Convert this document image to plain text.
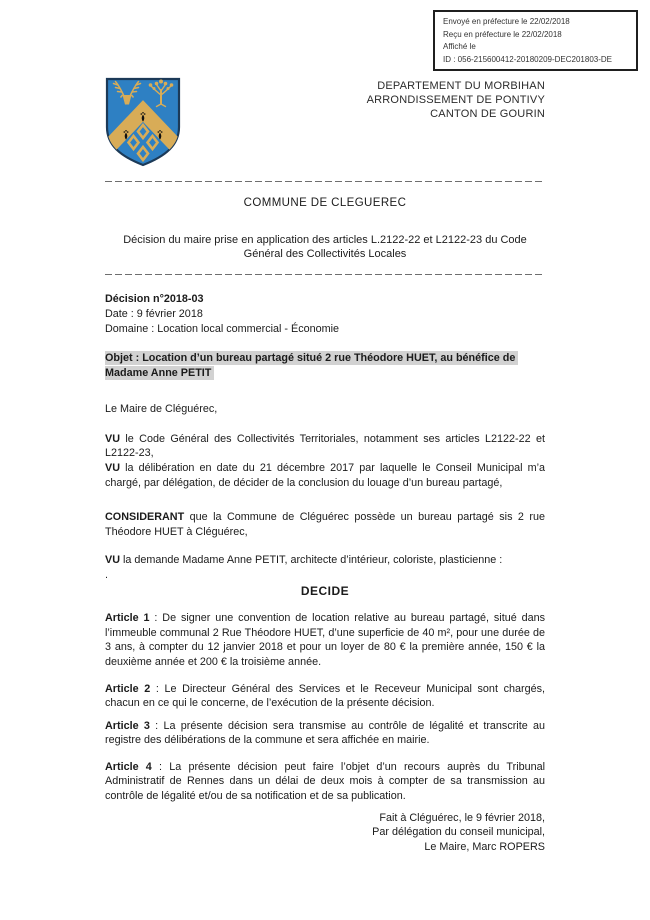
Envoyé en préfecture le 22/02/2018
Reçu en préfecture le 22/02/2018
Affiché le
ID : 056-215600412-20180209-DEC201803-DE
DEPARTEMENT DU MORBIHAN
ARRONDISSEMENT DE PONTIVY
CANTON DE GOURIN
COMMUNE DE CLEGUEREC
Décision du maire prise en application des articles L.2122-22 et L2122-23 du Code
Général des Collectivités Locales
Décision n°2018-03
Date : 9 février 2018
Domaine : Location local commercial - Économie
Objet : Location d’un bureau partagé situé 2 rue Théodore HUET, au bénéfice de
Madame Anne PETIT

Le Maire de Cléguérec,

VU le Code Général des Collectivités Territoriales, notamment ses articles L2122-22 et L2122-23,

VU la délibération en date du 21 décembre 2017 par laquelle le Conseil Municipal m’a chargé, par délégation, de décider de la conclusion du louage d’un bureau partagé,

CONSIDERANT que la Commune de Cléguérec possède un bureau partagé sis 2 rue Théodore HUET à Cléguérec,

VU la demande Madame Anne PETIT, architecte d’intérieur, coloriste, plasticienne :

.

DECIDE

Article 1 : De signer une convention de location relative au bureau partagé, situé dans l’immeuble communal 2 Rue Théodore HUET, d’une superficie de 40 m², pour une durée de 3 ans, à compter du 12 janvier 2018 et pour un loyer de 80 € la première année, 150 € la deuxième année et 200 € la troisième année.

Article 2 : Le Directeur Général des Services et le Receveur Municipal sont chargés, chacun en ce qui le concerne, de l’exécution de la présente décision.

Article 3 : La présente décision sera transmise au contrôle de légalité et transcrite au registre des délibérations de la commune et sera affichée en mairie.

Article 4 : La présente décision peut faire l’objet d’un recours auprès du Tribunal Administratif de Rennes dans un délai de deux mois à compter de sa transmission au contrôle de légalité et/ou de sa notification et de sa publication.

Fait à Cléguérec, le 9 février 2018,
Par délégation du conseil municipal,
Le Maire, Marc ROPERS
